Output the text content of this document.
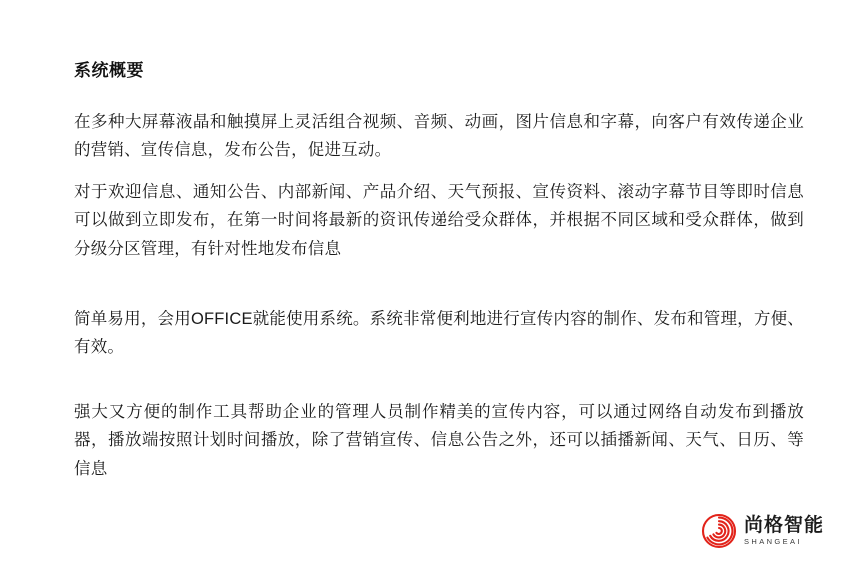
系统概要
在多种大屏幕液晶和触摸屏上灵活组合视频、音频、动画，图片信息和字幕，向客户有效传递企业的营销、宣传信息，发布公告，促进互动。
对于欢迎信息、通知公告、内部新闻、产品介绍、天气预报、宣传资料、滚动字幕节目等即时信息可以做到立即发布，在第一时间将最新的资讯传递给受众群体，并根据不同区域和受众群体，做到分级分区管理，有针对性地发布信息
简单易用，会用OFFICE就能使用系统。系统非常便利地进行宣传内容的制作、发布和管理，方便、有效。
强大又方便的制作工具帮助企业的管理人员制作精美的宣传内容，可以通过网络自动发布到播放器，播放端按照计划时间播放，除了营销宣传、信息公告之外，还可以插播新闻、天气、日历、等信息
尚格智能
SHANGEAI
